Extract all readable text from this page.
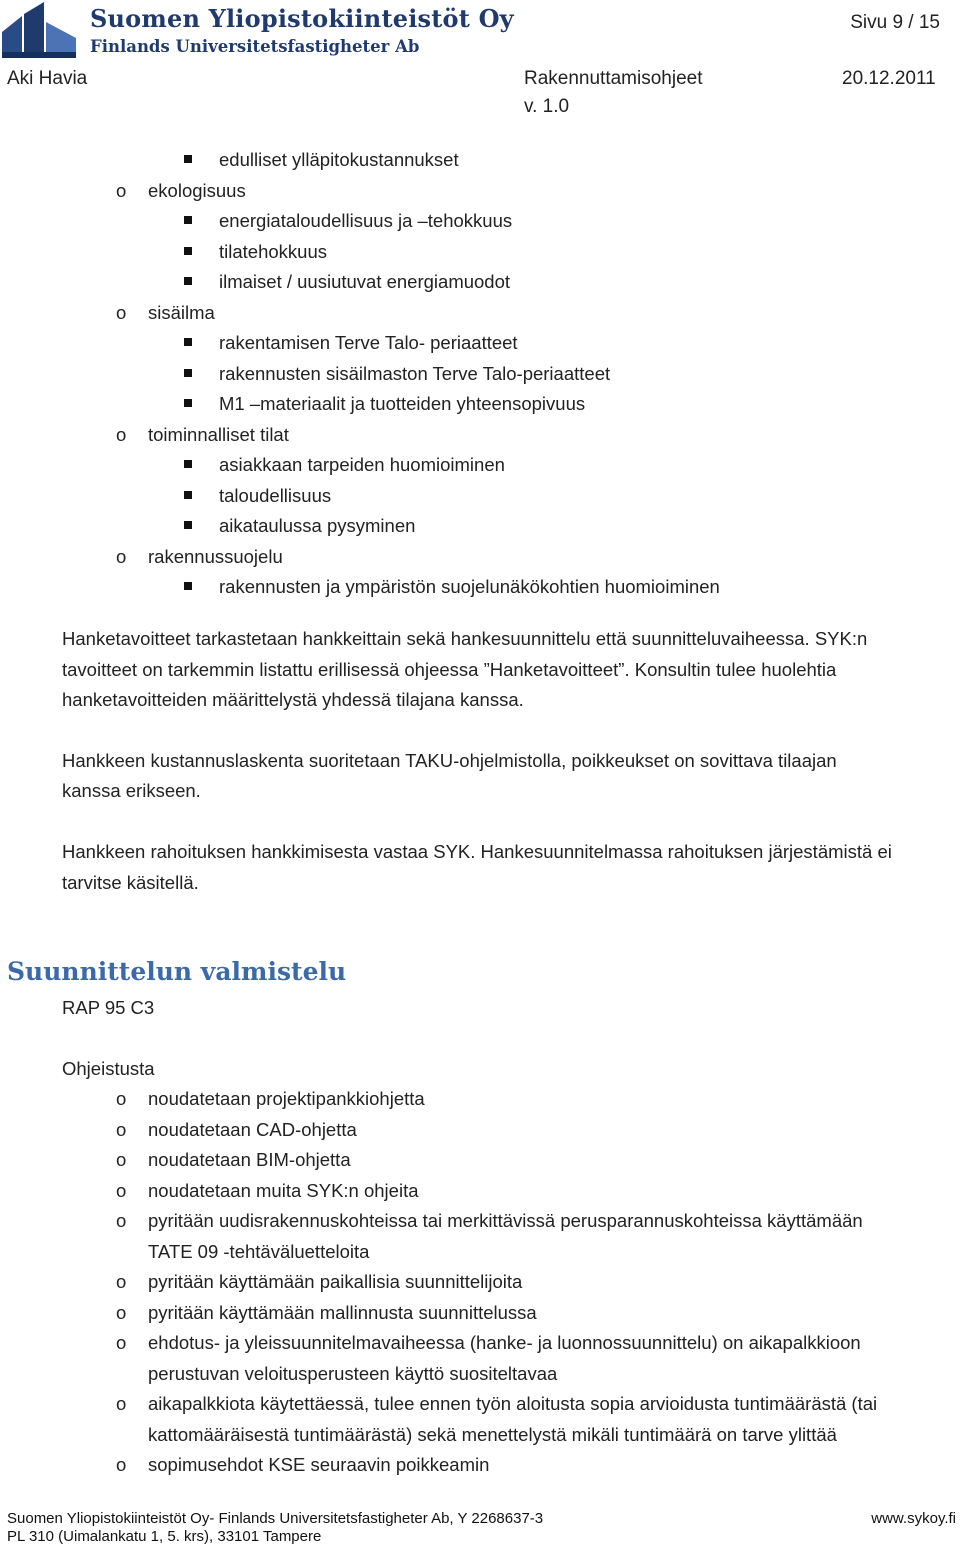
Suomen Yliopistokiinteistöt Oy
Finlands Universitetsfastigheter Ab
Sivu 9 / 15
Aki Havia	Rakennuttamisohjeet	20.12.2011
v. 1.0
edulliset ylläpitokustannukset
o ekologisuus
energiataloudellisuus ja –tehokkuus
tilatehokkuus
ilmaiset / uusiutuvat energiamuodot
o sisäilma
rakentamisen Terve Talo- periaatteet
rakennusten sisäilmaston Terve Talo-periaatteet
M1 –materiaalit ja tuotteiden yhteensopivuus
o toiminnalliset tilat
asiakkaan tarpeiden huomioiminen
taloudellisuus
aikataulussa pysyminen
o rakennussuojelu
rakennusten ja ympäristön suojelunäkökohtien huomioiminen
Hanketavoitteet tarkastetaan hankkeittain sekä hankesuunnittelu että suunnitteluvaiheessa. SYK:n
tavoitteet on tarkemmin listattu erillisessä ohjeessa ”Hanketavoitteet”. Konsultin tulee huolehtia
hanketavoitteiden määrittelystä yhdessä tilajana kanssa.
Hankkeen kustannuslaskenta suoritetaan TAKU-ohjelmistolla, poikkeukset on sovittava tilaajan
kanssa erikseen.
Hankkeen rahoituksen hankkimisesta vastaa SYK. Hankesuunnitelmassa rahoituksen järjestämistä ei
tarvitse käsitellä.
Suunnittelun valmistelu
RAP 95 C3
Ohjeistusta
o noudatetaan projektipankkiohjetta
o noudatetaan CAD-ohjetta
o noudatetaan BIM-ohjetta
o noudatetaan muita SYK:n ohjeita
o pyritään uudisrakennuskohteissa tai merkittävissä perusparannuskohteissa käyttämään
TATE 09 -tehtäväluetteloita
o pyritään käyttämään paikallisia suunnittelijoita
o pyritään käyttämään mallinnusta suunnittelussa
o ehdotus- ja yleissuunnitelmavaiheessa (hanke- ja luonnossuunnittelu) on aikapalkkioon
perustuvan veloitusperusteen käyttö suositeltavaa
o aikapalkkiota käytettäessä, tulee ennen työn aloitusta sopia arvioidusta tuntimäärästä (tai
kattomääräisestä tuntimäärästä) sekä menettelystä mikäli tuntimäärä on tarve ylittää
o sopimusehdot KSE seuraavin poikkeamin
Suomen Yliopistokiinteistöt Oy- Finlands Universitetsfastigheter Ab, Y 2268637-3
PL 310 (Uimalankatu 1, 5. krs), 33101 Tampere
www.sykoy.fi
